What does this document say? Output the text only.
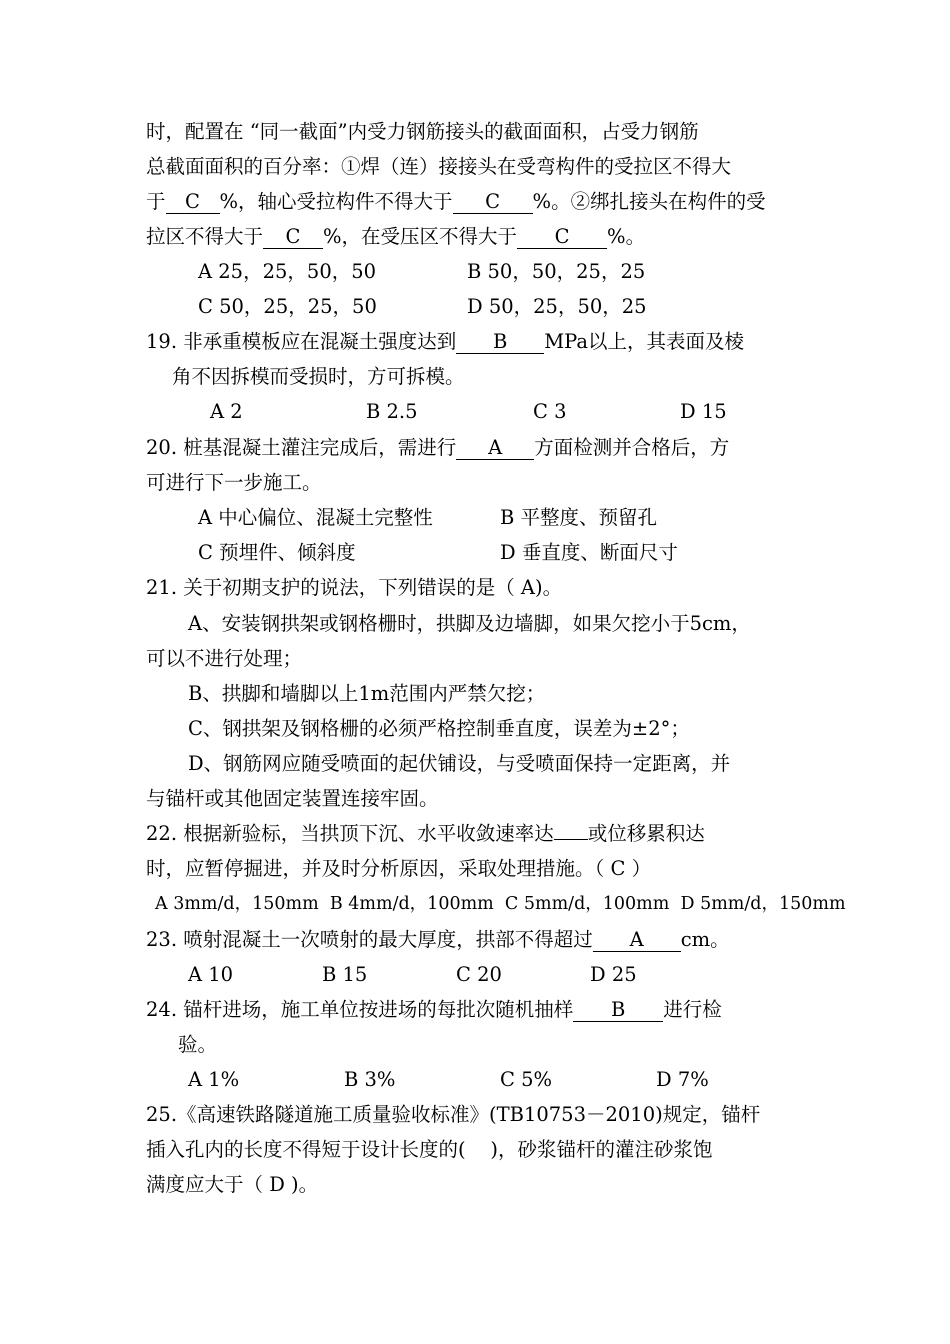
时，配置在 “同一截面”内受力钢筋接头的截面面积，占受力钢筋
总截面面积的百分率：①焊（连）接接头在受弯构件的受拉区不得大
于 C %，轴心受拉构件不得大于 C %。②绑扎接头在构件的受
拉区不得大于 C %，在受压区不得大于 C %。
A 25，25，50，50	B 50，50，25，25
C 50，25，25，50	D 50，25，50，25
19. 非承重模板应在混凝土强度达到 B MPa以上，其表面及棱
角不因拆模而受损时，方可拆模。
A 2	B 2.5	C 3	D 15
20. 桩基混凝土灌注完成后，需进行 A 方面检测并合格后，方
可进行下一步施工。
A 中心偏位、混凝土完整性	B 平整度、预留孔
C 预埋件、倾斜度	D 垂直度、断面尺寸
21. 关于初期支护的说法，下列错误的是（ A)。
A、安装钢拱架或钢格栅时，拱脚及边墙脚，如果欠挖小于5cm，
可以不进行处理；
B、拱脚和墙脚以上1m范围内严禁欠挖；
C、钢拱架及钢格栅的必须严格控制垂直度，误差为±2°；
D、钢筋网应随受喷面的起伏铺设，与受喷面保持一定距离，并
与锚杆或其他固定装置连接牢固。
22. 根据新验标，当拱顶下沉、水平收敛速率达 或位移累积达
时，应暂停掘进，并及时分析原因，采取处理措施。（ C ）
A 3mm/d，150mm  B 4mm/d，100mm  C 5mm/d，100mm  D 5mm/d，150mm
23. 喷射混凝土一次喷射的最大厚度，拱部不得超过 A cm。
A 10	B 15	C 20	D 25
24. 锚杆进场，施工单位按进场的每批次随机抽样 B 进行检
验。
A 1%	B 3%	C 5%	D 7%
25.《高速铁路隧道施工质量验收标准》(TB10753－2010)规定，锚杆
插入孔内的长度不得短于设计长度的(    )，砂浆锚杆的灌注砂浆饱
满度应大于（ D )。
